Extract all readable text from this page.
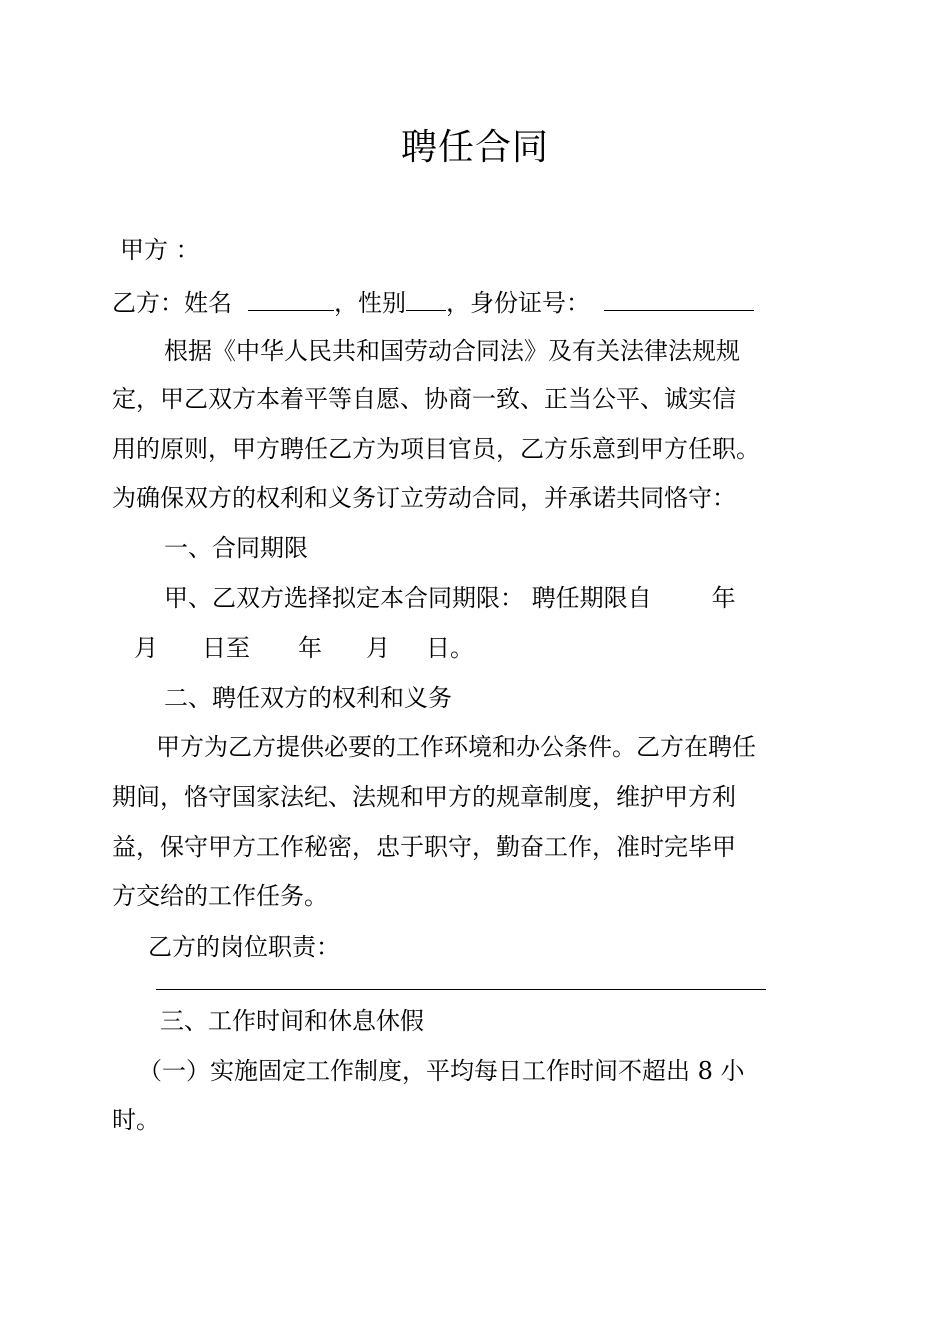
聘任合同
甲方 ：
乙方：姓名	，性别 ，身份证号：
根据《中华人民共和国劳动合同法》及有关法律法规规
定，甲乙双方本着平等自愿、协商一致、正当公平、诚实信
用的原则，甲方聘任乙方为项目官员，乙方乐意到甲方任职。
为确保双方的权利和义务订立劳动合同，并承诺共同恪守：
一、合同期限
甲、乙双方选择拟定本合同期限： 聘任期限自	年
月 日至 年 月 日。
二、聘任双方的权利和义务
甲方为乙方提供必要的工作环境和办公条件。乙方在聘任
期间，恪守国家法纪、法规和甲方的规章制度，维护甲方利
益，保守甲方工作秘密，忠于职守，勤奋工作，准时完毕甲
方交给的工作任务。
乙方的岗位职责：
三、工作时间和休息休假
（一）实施固定工作制度，平均每日工作时间不超出 8 小
时。
